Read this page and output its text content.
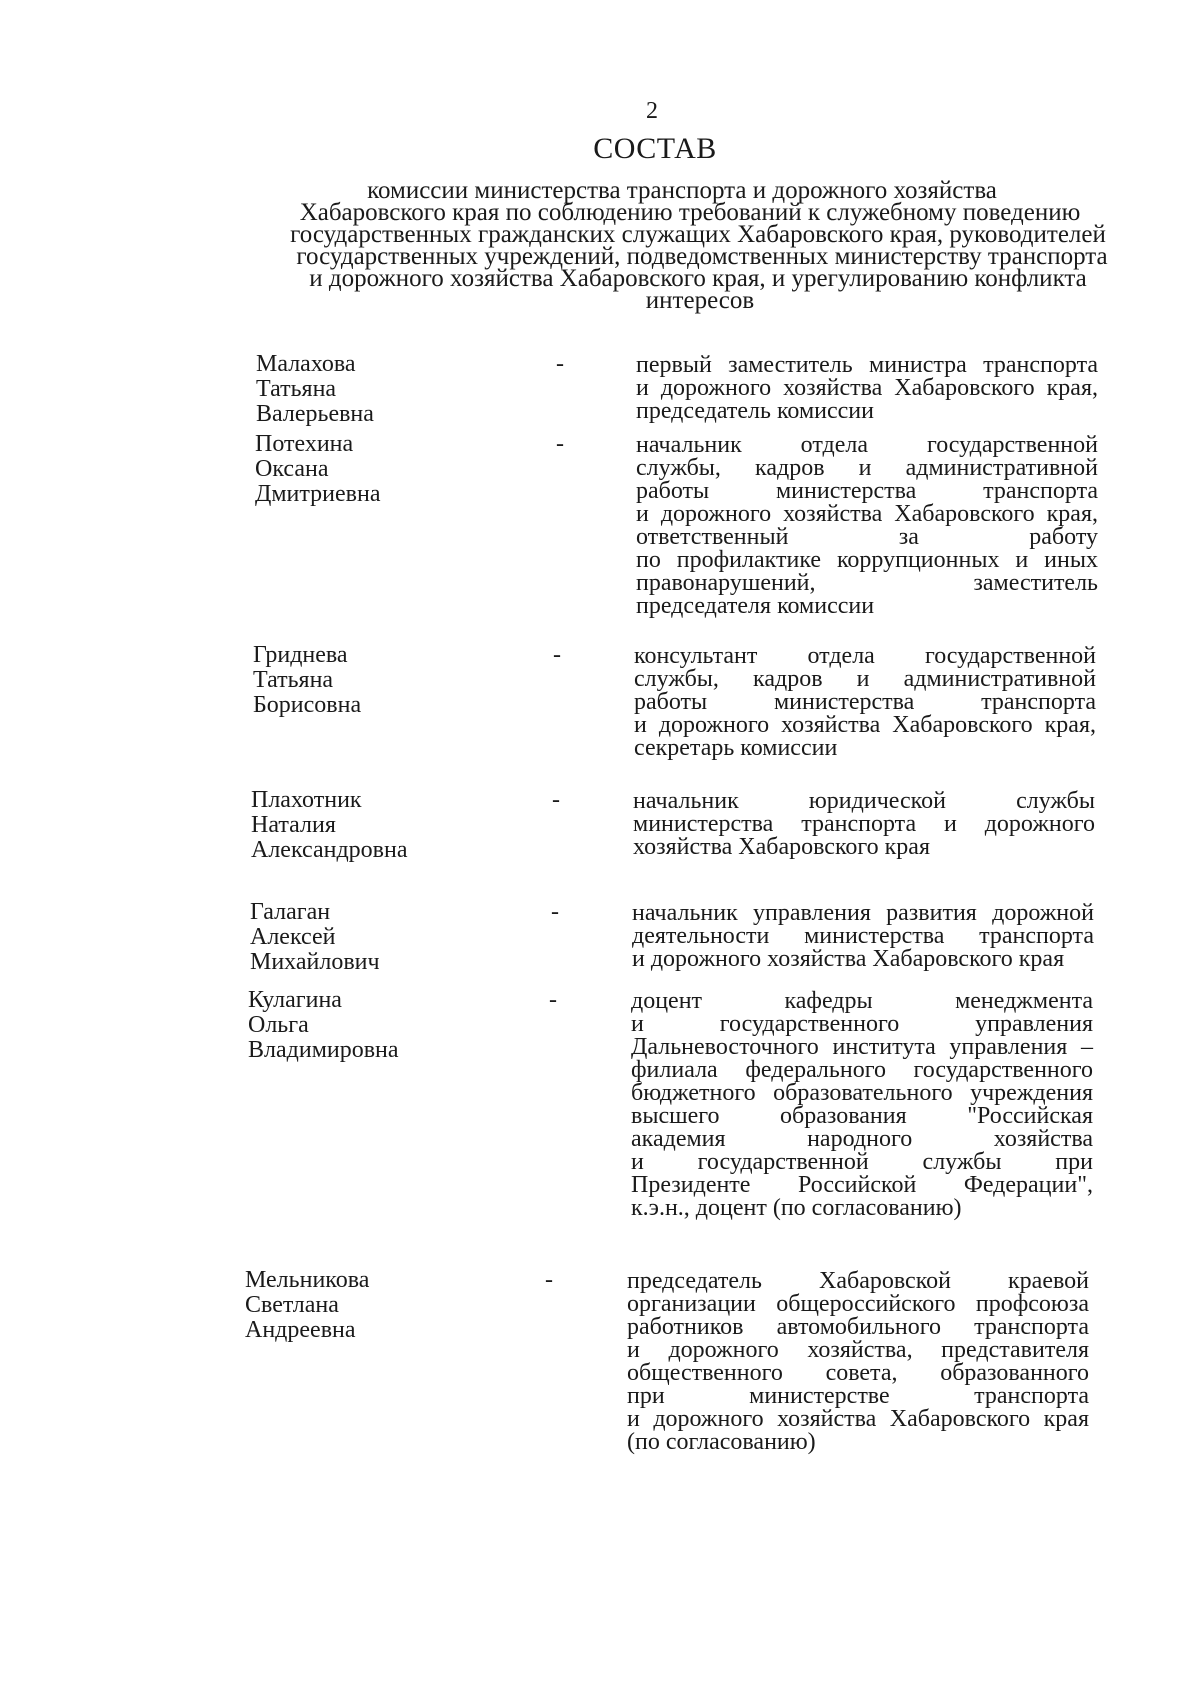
2
СОСТАВ
комиссии министерства транспорта и дорожного хозяйства
Хабаровского края по соблюдению требований к служебному поведению
государственных гражданских служащих Хабаровского края, руководителей
государственных учреждений, подведомственных министерству транспорта
и дорожного хозяйства Хабаровского края, и урегулированию конфликта
интересов
Малахова
Татьяна
Валерьевна
-	первый заместитель министра транспорта
и дорожного хозяйства Хабаровского края,
председатель комиссии
Потехина
Оксана
Дмитриевна
-	начальник отдела государственной
службы, кадров и административной
работы министерства транспорта
и дорожного хозяйства Хабаровского края,
ответственный за работу
по профилактике коррупционных и иных
правонарушений, заместитель
председателя комиссии
Гриднева
Татьяна
Борисовна
-	консультант отдела государственной
службы, кадров и административной
работы министерства транспорта
и дорожного хозяйства Хабаровского края,
секретарь комиссии
Плахотник
Наталия
Александровна
-	начальник юридической службы
министерства транспорта и дорожного
хозяйства Хабаровского края
Галаган
Алексей
Михайлович
-	начальник управления развития дорожной
деятельности министерства транспорта
и дорожного хозяйства Хабаровского края
Кулагина
Ольга
Владимировна
-	доцент кафедры менеджмента
и государственного управления
Дальневосточного института управления –
филиала федерального государственного
бюджетного образовательного учреждения
высшего образования "Российская
академия народного хозяйства
и государственной службы при
Президенте Российской Федерации",
к.э.н., доцент (по согласованию)
Мельникова
Светлана
Андреевна
-	председатель Хабаровской краевой
организации общероссийского профсоюза
работников автомобильного транспорта
и дорожного хозяйства, представителя
общественного совета, образованного
при министерстве транспорта
и дорожного хозяйства Хабаровского края
(по согласованию)
